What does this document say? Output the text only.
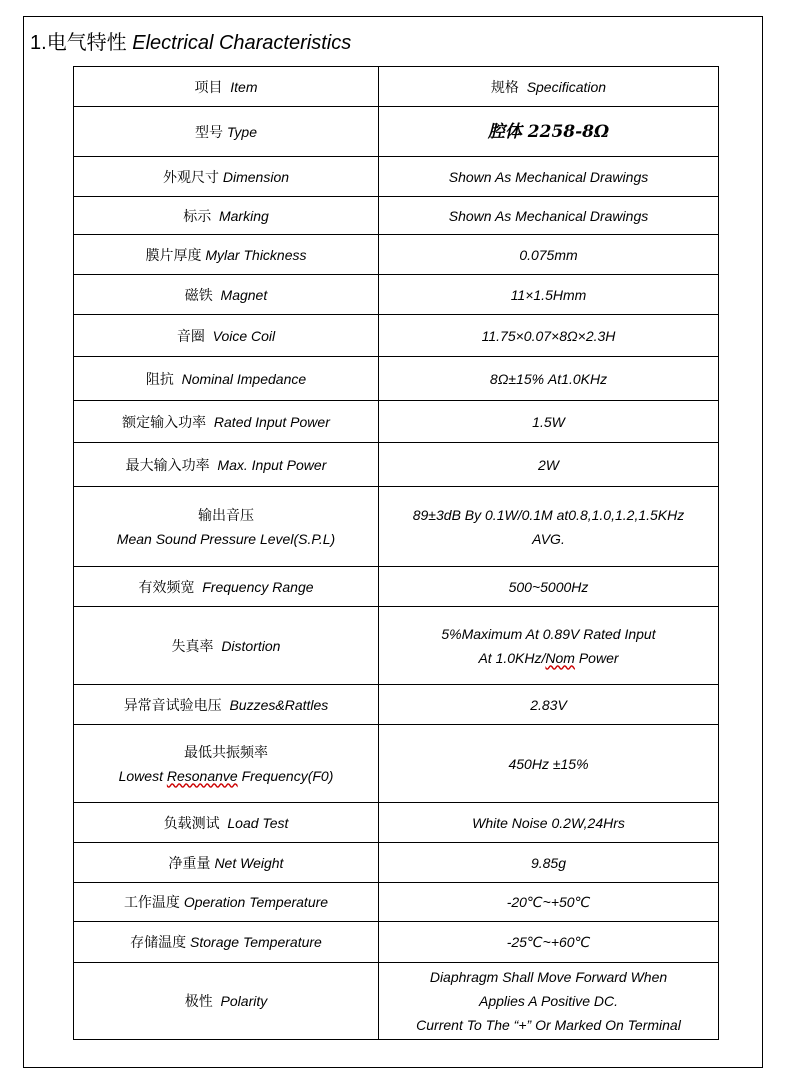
1.电气特性 Electrical Characteristics
项目 Item	规格 Specification
型号 Type	腔体 2258-8Ω
外观尺寸 Dimension	Shown As Mechanical Drawings
标示 Marking	Shown As Mechanical Drawings
膜片厚度 Mylar Thickness	0.075mm
磁铁 Magnet	11×1.5Hmm
音圈 Voice Coil	11.75×0.07×8Ω×2.3H
阻抗 Nominal Impedance	8Ω±15% At1.0KHz
额定输入功率 Rated Input Power	1.5W
最大输入功率 Max. Input Power	2W

输出音压
Mean Sound Pressure Level(S.P.L)	89±3dB By 0.1W/0.1M at0.8,1.0,1.2,1.5KHz
AVG.

有效频宽 Frequency Range	500~5000Hz
失真率 Distortion	5%Maximum At 0.89V Rated Input
At 1.0KHz/Nom Power

异常音试验电压 Buzzes&Rattles	2.83V

最低共振频率
Lowest Resonanve Frequency(F0)	450Hz ±15%
负载测试 Load Test	White Noise 0.2W,24Hrs
净重量 Net Weight	9.85g
工作温度 Operation Temperature	-20℃~+50℃
存储温度 Storage Temperature	-25℃~+60℃
极性 Polarity	Diaphragm Shall Move Forward When
Applies A Positive DC.
Current To The “+” Or Marked On Terminal
